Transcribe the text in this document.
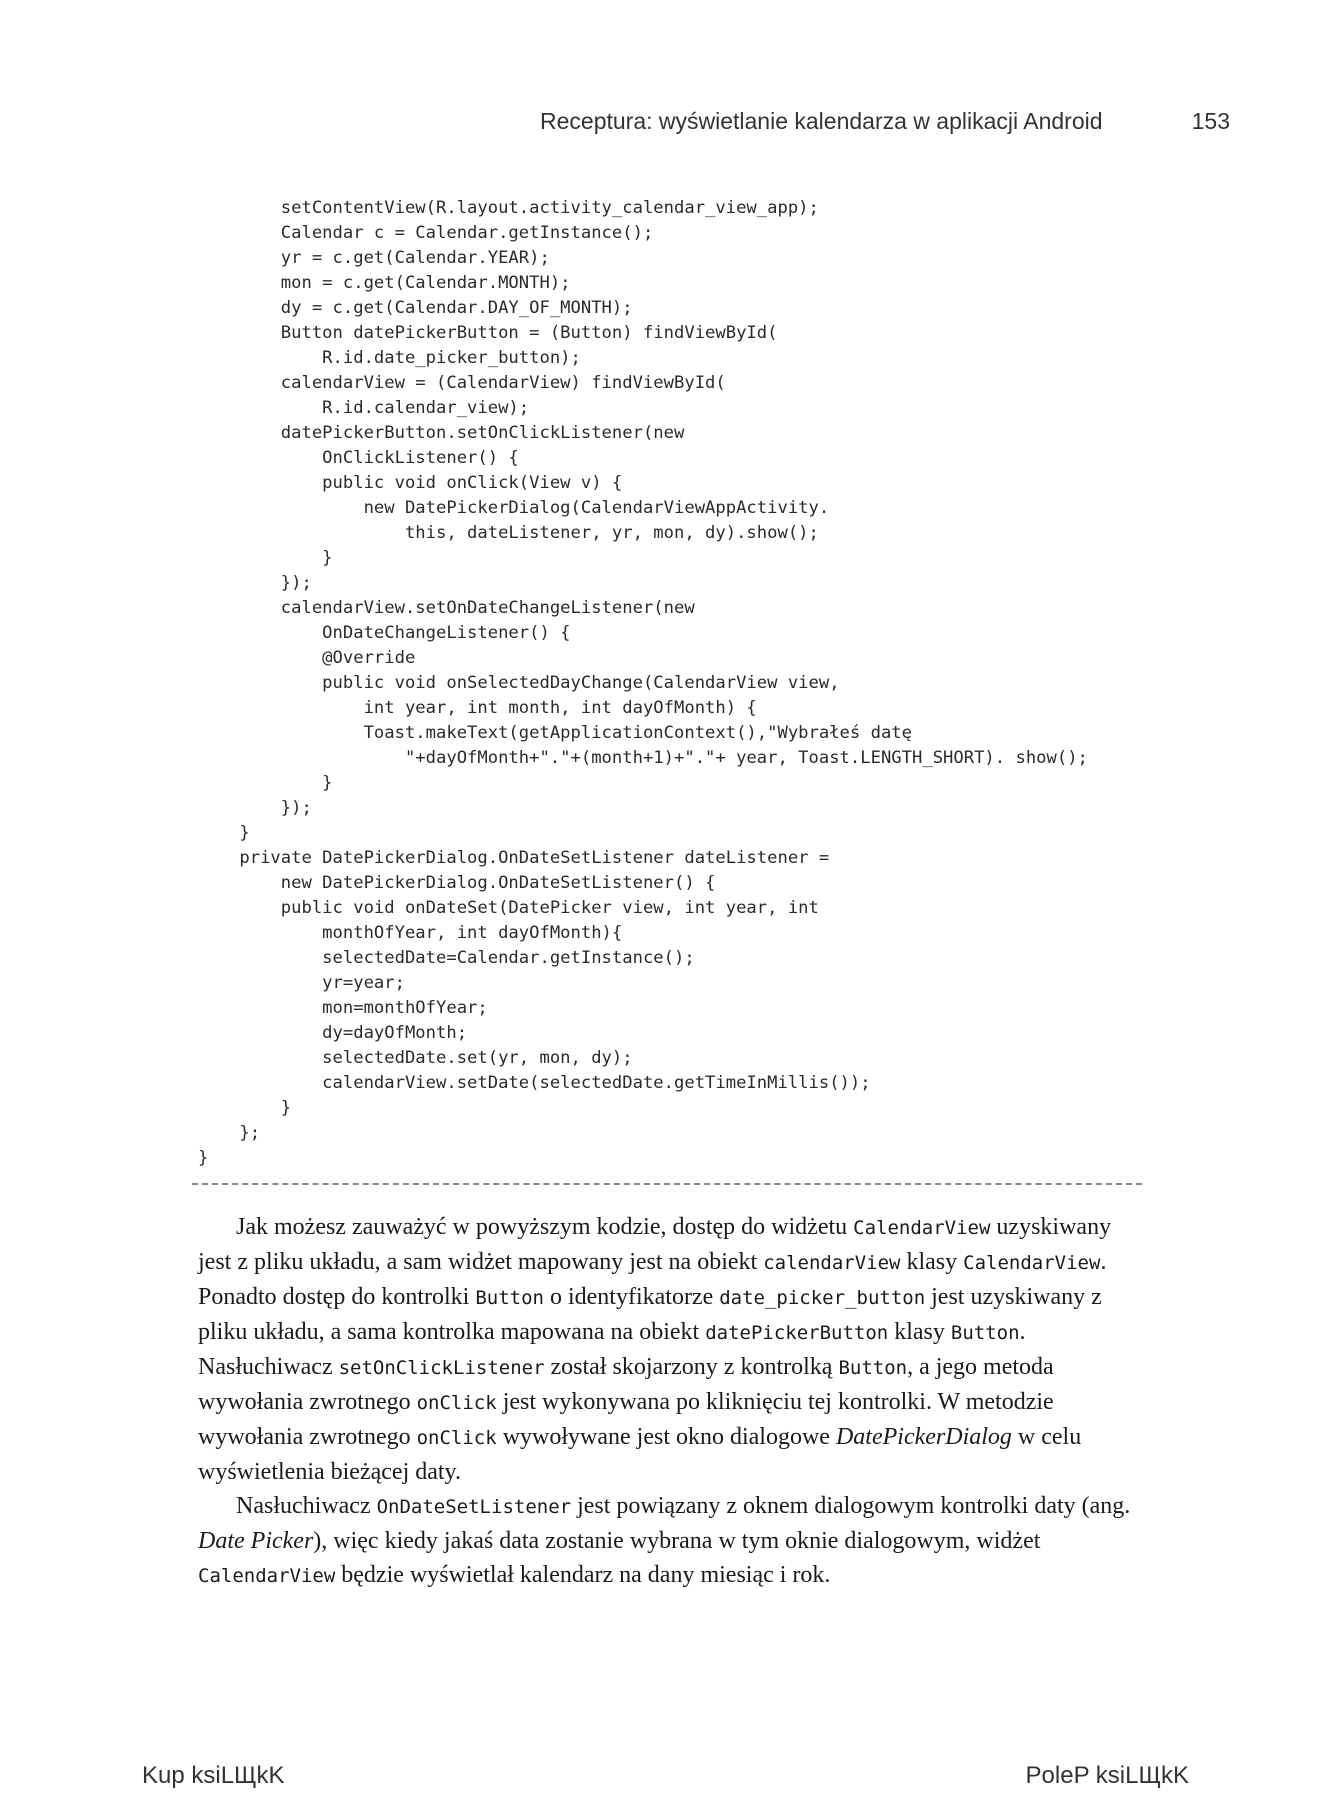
Receptura: wyświetlanie kalendarza w aplikacji Android	153
setContentView(R.layout.activity_calendar_view_app);
Calendar c = Calendar.getInstance();
yr = c.get(Calendar.YEAR);
mon = c.get(Calendar.MONTH);
dy = c.get(Calendar.DAY_OF_MONTH);
Button datePickerButton = (Button) findViewById(
R.id.date_picker_button);
calendarView = (CalendarView) findViewById(
R.id.calendar_view);
datePickerButton.setOnClickListener(new
OnClickListener() {
public void onClick(View v) {
new DatePickerDialog(CalendarViewAppActivity.
this, dateListener, yr, mon, dy).show();
}
});
calendarView.setOnDateChangeListener(new
OnDateChangeListener() {
@Override
public void onSelectedDayChange(CalendarView view,
int year, int month, int dayOfMonth) {
Toast.makeText(getApplicationContext(),"Wybrałeś datę
"+dayOfMonth+"."+(month+1)+"."+ year, Toast.LENGTH_SHORT). show();
}
});
}
private DatePickerDialog.OnDateSetListener dateListener =
new DatePickerDialog.OnDateSetListener() {
public void onDateSet(DatePicker view, int year, int
monthOfYear, int dayOfMonth){
selectedDate=Calendar.getInstance();
yr=year;
mon=monthOfYear;
dy=dayOfMonth;
selectedDate.set(yr, mon, dy);
calendarView.setDate(selectedDate.getTimeInMillis());
}
};
}

Jak możesz zauważyć w powyższym kodzie, dostęp do widżetu CalendarView uzyskiwany jest z pliku układu, a sam widżet mapowany jest na obiekt calendarView klasy CalendarView. Ponadto dostęp do kontrolki Button o identyfikatorze date_picker_button jest uzyskiwany z pliku układu, a sama kontrolka mapowana na obiekt datePickerButton klasy Button. Nasłuchiwacz setOnClickListener został skojarzony z kontrolką Button, a jego metoda wywołania zwrotnego onClick jest wykonywana po kliknięciu tej kontrolki. W metodzie wywołania zwrotnego onClick wywoływane jest okno dialogowe DatePickerDialog w celu wyświetlenia bieżącej daty.

Nasłuchiwacz OnDateSetListener jest powiązany z oknem dialogowym kontrolki daty (ang. Date Picker), więc kiedy jakaś data zostanie wybrana w tym oknie dialogowym, widżet CalendarView będzie wyświetlał kalendarz na dany miesiąc i rok.

Kup ksiLЩkK	PoleP ksiLЩkK
